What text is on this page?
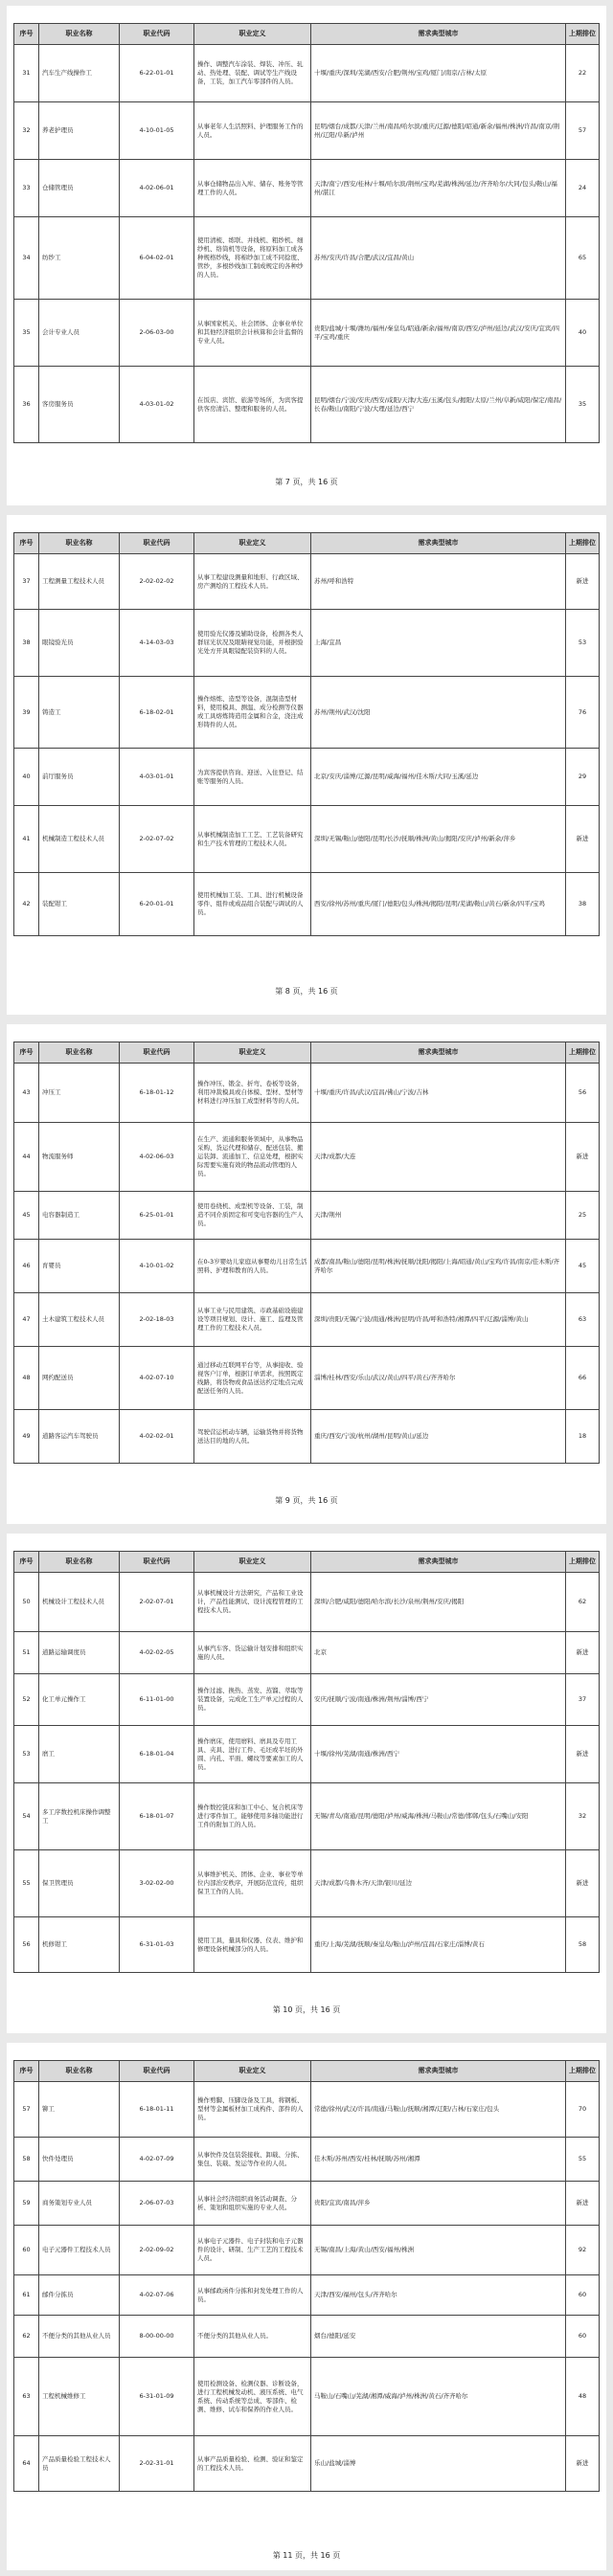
序号	职业名称	职业代码	职业定义	需求典型城市	上期排位
31	汽车生产线操作工	6-22-01-01	操作、调整汽车涂装、焊装、冲压、轧动、热处理、装配、调试等生产线设备，工装，加工汽车零部件的人员。	十堰/重庆/深圳/芜湖/西安/合肥/荆州/宝鸡/厦门/南京/吉林/太原	22
32	养老护理员	4-10-01-05	从事老年人生活照料、护理服务工作的人员。	昆明/烟台/成都/天津/兰州/南昌/哈尔滨/重庆/辽源/德阳/昭通/新余/福州/株洲/许昌/南京/荆州/辽阳/阜新/泸州	57
33	仓储管理员	4-02-06-01	从事仓储物品出入库、储存、账务等管理工作的人员。	天津/南宁/西安/桂林/十堰/哈尔滨/荆州/宝鸡/芜湖/株洲/延边/齐齐哈尔/大同/包头/鞍山/福州/湛江	24
34	纺纱工	6-04-02-01	使用清梳、练联、并线机、粗纱机、细纱机、络筒机等设备，将原料加工成各种规格纱线，将棉纱加工成不同捻度、管纱，多根纱线加工制成规定的各种纱的人员。	苏州/安庆/许昌/合肥/武汉/宜昌/黄山	65
35	会计专业人员	2-06-03-00	从事国家机关、社会团体、企事业单位和其他经济组织会计核算和会计监督的专业人员。	贵阳/盐城/十堰/潍坊/福州/秦皇岛/昭通/新余/福州/南京/西安/泸州/延边/武汉/安庆/宜宾/四平/宝鸡/重庆	40
36	客房服务员	4-03-01-02	在饭店、宾馆、旅游等场所，为宾客提供客房清洁、整理和服务的人员。	昆明/烟台/宁波/安庆/西安/咸阳/天津/大连/玉溪/包头/揭阳/太原/兰州/阜新/咸阳/保定/南昌/长春/鞍山/南阳/宁波/大理/延边/西宁	35
第 7 页，共 16 页
序号	职业名称	职业代码	职业定义	需求典型城市	上期排位
37	工程测量工程技术人员	2-02-02-02	从事工程建设测量和地形、行政区域、房产测绘的工程技术人员。	苏州/呼和浩特	新进
38	眼镜验光员	4-14-03-03	使用验光仪器及辅助设备，检测各类人群屈光状况及眼睛视觉功能，并根据验光处方开具眼镜配装资料的人员。	上海/宜昌	53
39	铸造工	6-18-02-01	操作熔炼、造型等设备，混制造型材料，使用模具、测温、成分检测等仪器或工具熔炼铸造用金属和合金，浇注成形铸件的人员。	苏州/荆州/武汉/沈阳	76
40	前厅服务员	4-03-01-01	为宾客提供咨询、迎送、入住登记、结账等服务的人员。	北京/安庆/淄博/辽源/昆明/威海/福州/佳木斯/大同/玉溪/延边	29
41	机械制造工程技术人员	2-02-07-02	从事机械制造加工工艺、工艺装备研究和生产技术管理的工程技术人员。	深圳/无锡/鞍山/德阳/昆明/长沙/抚顺/株洲/黄山/揭阳/安庆/泸州/新余/萍乡	新进
42	装配钳工	6-20-01-01	使用机械加工装、工具、进行机械设备零件、组件或成品组合装配与调试的人员。	西安/徐州/苏州/重庆/厦门/德阳/包头/株洲/揭阳/昆明/芜湖/鞍山/黄石/新余/四平/宝鸡	38
第 8 页，共 16 页
序号	职业名称	职业代码	职业定义	需求典型城市	上期排位
43	冲压工	6-18-01-12	操作冲压、锻金、折弯、卷板等设备，利用冲裁模具或自体模、型材、型材等材料进行冲压加工成型材料等的人员。	十堰/重庆/许昌/武汉/宜昌/佛山/宁波/吉林	56
44	物流服务师	4-02-06-03	在生产、流通和服务领域中，从事物品采购、货运代理和储存、配送包装、搬运装卸、流通加工、信息处理，根据实际需要实施有效的物品流动管理的人员。	天津/成都/大连	新进
45	电容器制造工	6-25-01-01	使用卷绕机、成型机等设备、工装，制造不同介质固定和可变电容器的生产人员。	天津/荆州	25
46	育婴员	4-10-01-02	在0-3岁婴幼儿家庭从事婴幼儿日常生活照料、护理和教育的人员。	成都/南昌/鞍山/德阳/昆明/株洲/抚顺/沈阳/揭阳/上海/昭通/黄山/宝鸡/许昌/南京/佳木斯/齐齐哈尔	45
47	土木建筑工程技术人员	2-02-18-03	从事工业与民用建筑、市政基础设施建设等项目规划、设计、施工、监理及管理工作的工程技术人员。	深圳/贵阳/无锡/宁波/南通/株洲/昆明/许昌/呼和浩特/湘潭/四平/辽源/淄博/黄山	63
48	网约配送员	4-02-07-10	通过移动互联网平台等，从事接收、验视客户订单，根据订单需求，按照既定线路，将货物或食品送达约定地点完成配送任务的人员。	淄博/桂林/西安/乐山/武汉/黄山/四平/黄石/齐齐哈尔	66
49	道路客运汽车驾驶员	4-02-02-01	驾驶营运机动车辆，运输货物并将货物送达目的地的人员。	重庆/西安/宁波/杭州/湖州/昆明/黄山/延边	18
第 9 页，共 16 页
序号	职业名称	职业代码	职业定义	需求典型城市	上期排位
50	机械设计工程技术人员	2-02-07-01	从事机械设计方法研究，产品和工业设计，产品性能测试、设计流程管理的工程技术人员。	深圳/合肥/咸阳/德阳/哈尔滨/长沙/泉州/荆州/安庆/揭阳	62
51	道路运输调度员	4-02-02-05	从事汽车客、货运输计划安排和组织实施的人员。	北京	新进
52	化工单元操作工	6-11-01-00	操作过滤、换热、蒸发、蒸馏、萃取等装置设备，完成化工生产单元过程的人员。	安庆/抚顺/宁波/南通/株洲/荆州/淄博/西宁	37
53	磨工	6-18-01-04	操作磨床，使用磨料、磨具及专用工具、夹具、进行工件、毛坯或半坯的外圆、内孔、平面、螺纹等要素加工的人员。	十堰/徐州/芜湖/南通/株洲/西宁	新进
54	多工序数控机床操作调整工	6-18-01-07	操作数控铣床和加工中心、复合机床等进行零件加工，能够使用多轴功能进行工件的附加工的人员。	无锡/青岛/南通/昆明/德阳/泸州/威海/株洲/马鞍山/常德/邯郸/包头/石嘴山/安阳	32
55	保卫管理员	3-02-02-00	从事维护机关、团体、企业、事业等单位内部治安秩序，开展防范宣传，组织保卫工作的人员。	天津/成都/乌鲁木齐/天津/银川/延边	新进
56	机修钳工	6-31-01-03	使用工具，量具和仪器、仪表、维护和修理设备机械部分的人员。	重庆/上海/芜湖/抚顺/秦皇岛/鞍山/泸州/宜昌/石家庄/淄博/黄石	58
第 10 页，共 16 页
序号	职业名称	职业代码	职业定义	需求典型城市	上期排位
57	铆工	6-18-01-11	操作剪脚、压脚设备及工具，将钢板、型材等金属板材加工成构件、部件的人员。	常德/徐州/武汉/许昌/南通/马鞍山/抚顺/湘潭/辽阳/吉林/石家庄/包头	70
58	快件处理员	4-02-07-09	从事快件及包装袋接收、卸载、分拣、集包、装载、发运等作业的人员。	佳木斯/苏州/西安/桂林/抚顺/苏州/湘潭	55
59	商务策划专业人员	2-06-07-03	从事社会经济组织商务活动调查、分析、策划和组织实施的专业人员。	贵阳/宜宾/南昌/萍乡	新进
60	电子元器件工程技术人员	2-02-09-02	从事电子元器件、电子封装和电子元器件的设计、研制、生产工艺的工程技术人员。	无锡/南昌/上海/黄山/西安/福州/株洲	92
61	邮件分拣员	4-02-07-06	从事邮政函件分拣和封发处理工作的人员。	天津/西安/福州/包头/齐齐哈尔	60
62	不便分类的其他从业人员	8-00-00-00	不便分类的其他从业人员。	烟台/德阳/延安	60
63	工程机械维修工	6-31-01-09	使用检测设备、检测仪器、诊断设备，进行工程机械发动机、液压系统、电气系统、传动系统等总成、零部件、检测、维修、试车和保养的作业人员。	马鞍山/石嘴山/芜湖/湘潭/威海/泸州/株洲/黄石/齐齐哈尔	48
64	产品质量检验工程技术人员	2-02-31-01	从事产品质量检验、检测、验证和鉴定的工程技术人员。	乐山/盐城/淄博	新进
第 11 页，共 16 页
